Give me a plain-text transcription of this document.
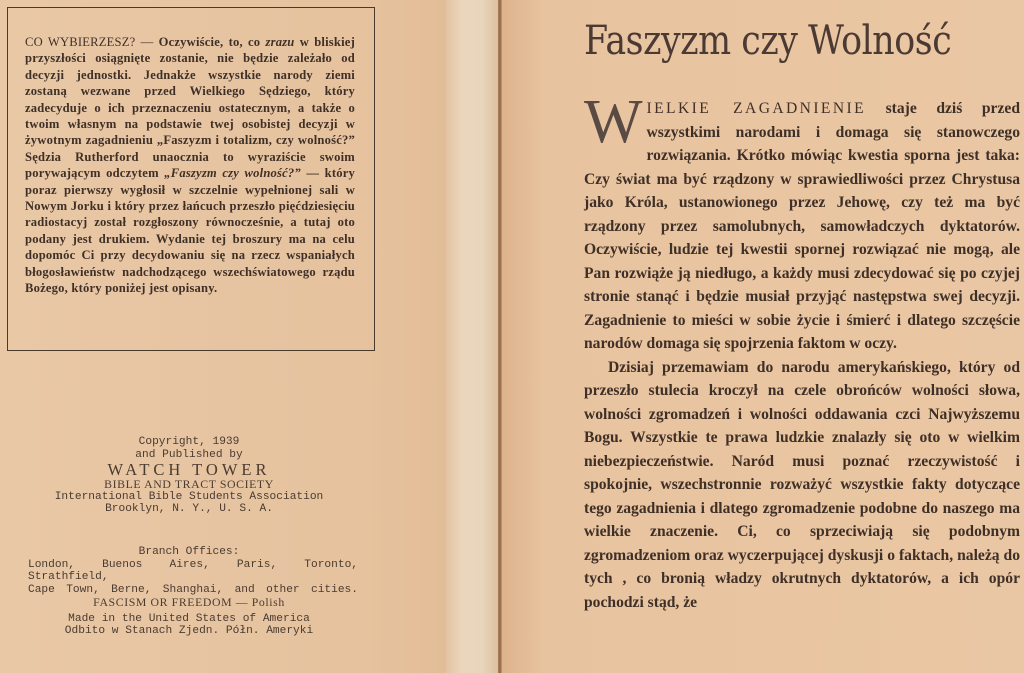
CO WYBIERZESZ? — Oczywiście, to, co zrazu w bliskiej przyszłości osiągnięte zostanie, nie będzie zależało od decyzji jednostki. Jednakże wszystkie narody ziemi zostaną wezwane przed Wielkiego Sędziego, który zadecyduje o ich przeznaczeniu ostatecznym, a także o twoim własnym na podstawie twej osobistej decyzji w żywotnym zagadnieniu „Faszyzm i totalizm, czy wolność?” Sędzia Rutherford unaocznia to wyraziście swoim porywającym odczytem „Faszyzm czy wolność?” — który poraz pierwszy wygłosił w szczelnie wypełnionej sali w Nowym Jorku i który przez łańcuch przeszło pięćdziesięciu radiostacyj został rozgłoszony równocześnie, a tutaj oto podany jest drukiem. Wydanie tej broszury ma na celu dopomóc Ci przy decydowaniu się na rzecz wspaniałych błogosławieństw nadchodzącego wszechświatowego rządu Bożego, który poniżej jest opisany.
Copyright, 1939
and Published by
WATCH TOWER
BIBLE AND TRACT SOCIETY
International Bible Students Association
Brooklyn, N. Y., U. S. A.
Branch Offices:
London, Buenos Aires, Paris, Toronto, Strathfield,
Cape Town, Berne, Shanghai, and other cities.
FASCISM OR FREEDOM — Polish
Made in the United States of America
Odbito w Stanach Zjedn. Półn. Ameryki
Faszyzm czy Wolność

WIELKIE ZAGADNIENIE staje dziś przed wszystkimi narodami i domaga się stanowczego rozwiązania. Krótko mówiąc kwestia sporna jest taka: Czy świat ma być rządzony w sprawiedliwości przez Chrystusa jako Króla, ustanowionego przez Jehowę, czy też ma być rządzony przez samolubnych, samowładczych dyktatorów. Oczywiście, ludzie tej kwestii spornej rozwiązać nie mogą, ale Pan rozwiąże ją niedługo, a każdy musi zdecydować się po czyjej stronie stanąć i będzie musiał przyjąć następstwa swej decyzji. Zagadnienie to mieści w sobie życie i śmierć i dlatego szczęście narodów domaga się spojrzenia faktom w oczy.

Dzisiaj przemawiam do narodu amerykańskiego, który od przeszło stulecia kroczył na czele obrońców wolności słowa, wolności zgromadzeń i wolności oddawania czci Najwyższemu Bogu. Wszystkie te prawa ludzkie znalazły się oto w wielkim niebezpieczeństwie. Naród musi poznać rzeczywistość i spokojnie, wszechstronnie rozważyć wszystkie fakty dotyczące tego zagadnienia i dlatego zgromadzenie podobne do naszego ma wielkie znaczenie. Ci, co sprzeciwiają się podobnym zgromadzeniom oraz wyczerpującej dyskusji o faktach, należą do tych , co bronią władzy okrutnych dyktatorów, a ich opór pochodzi stąd, że
